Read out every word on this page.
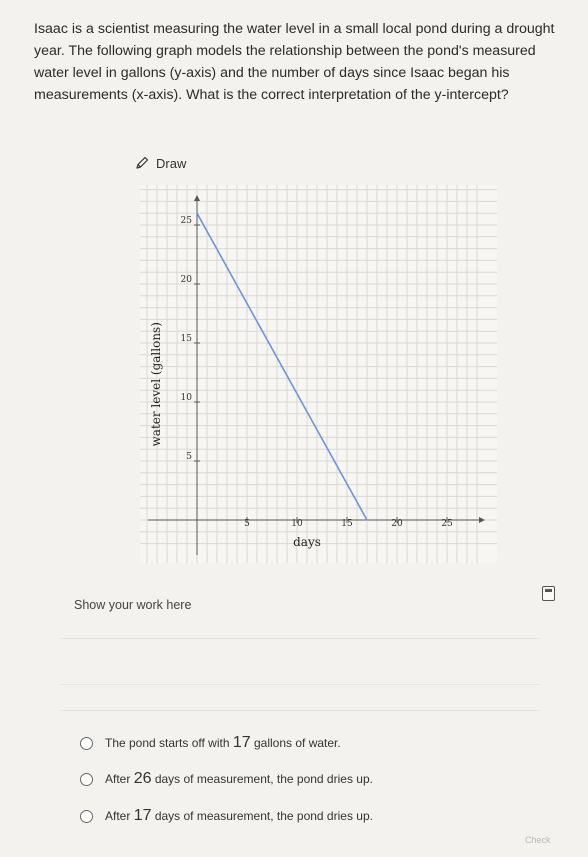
Isaac is a scientist measuring the water level in a small local pond during a drought year. The following graph models the relationship between the pond's measured water level in gallons (y-axis) and the number of days since Isaac began his measurements (x-axis). What is the correct interpretation of the y-intercept?
Draw
5	10	15	20	25
5
10
15
20
25
days
water level (gallons)
Show your work here
The pond starts off with 17 gallons of water.
After 26 days of measurement, the pond dries up.
After 17 days of measurement, the pond dries up.
Check
